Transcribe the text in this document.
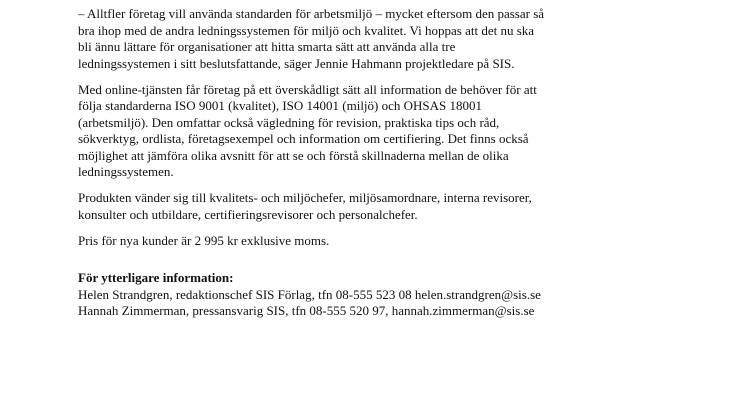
– Alltfler företag vill använda standarden för arbetsmiljö – mycket eftersom den passar så
bra ihop med de andra ledningssystemen för miljö och kvalitet. Vi hoppas att det nu ska
bli ännu lättare för organisationer att hitta smarta sätt att använda alla tre
ledningssystemen i sitt beslutsfattande, säger Jennie Hahmann projektledare på SIS.
Med online-tjänsten får företag på ett överskådligt sätt all information de behöver för att
följa standarderna ISO 9001 (kvalitet), ISO 14001 (miljö) och OHSAS 18001
(arbetsmiljö). Den omfattar också vägledning för revision, praktiska tips och råd,
sökverktyg, ordlista, företagsexempel och information om certifiering. Det finns också
möjlighet att jämföra olika avsnitt för att se och förstå skillnaderna mellan de olika
ledningssystemen.
Produkten vänder sig till kvalitets- och miljöchefer, miljösamordnare, interna revisorer,
konsulter och utbildare, certifieringsrevisorer och personalchefer.
Pris för nya kunder är 2 995 kr exklusive moms.
För ytterligare information:
Helen Strandgren, redaktionschef SIS Förlag, tfn 08-555 523 08 helen.strandgren@sis.se
Hannah Zimmerman, pressansvarig SIS, tfn 08-555 520 97, hannah.zimmerman@sis.se
